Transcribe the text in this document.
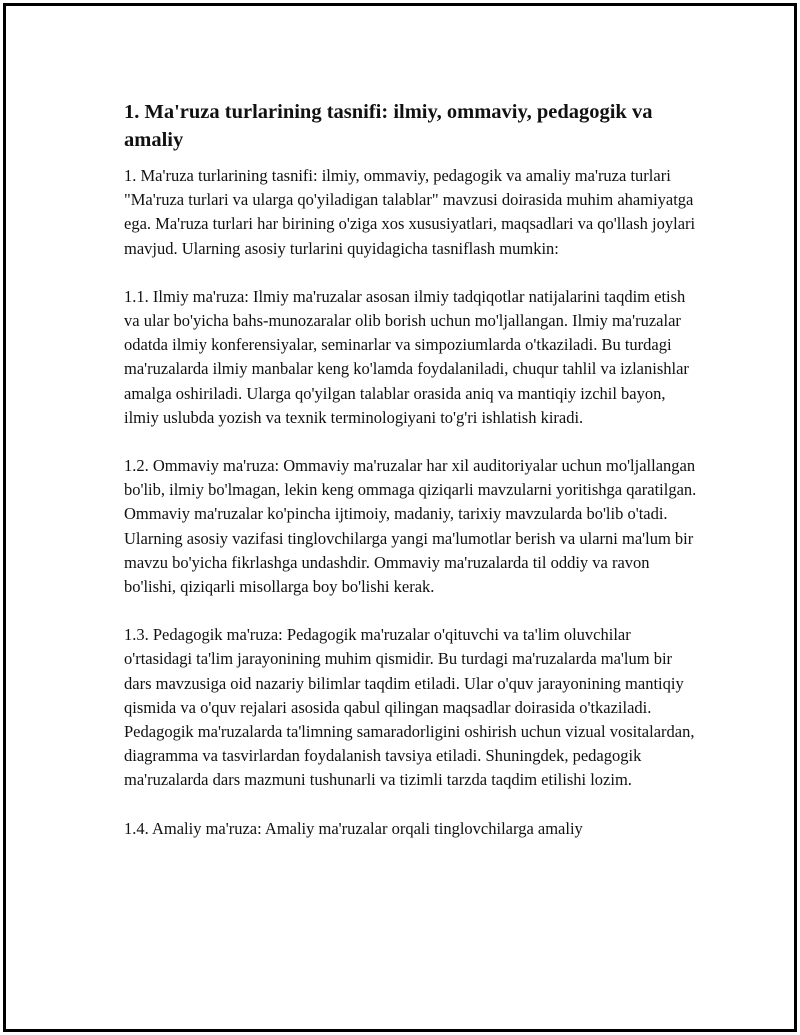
1. Ma'ruza turlarining tasnifi: ilmiy, ommaviy, pedagogik va amaliy

1. Ma'ruza turlarining tasnifi: ilmiy, ommaviy, pedagogik va amaliy ma'ruza turlari "Ma'ruza turlari va ularga qo'yiladigan talablar" mavzusi doirasida muhim ahamiyatga ega. Ma'ruza turlari har birining o'ziga xos xususiyatlari, maqsadlari va qo'llash joylari mavjud. Ularning asosiy turlarini quyidagicha tasniflash mumkin:

1.1. Ilmiy ma'ruza: Ilmiy ma'ruzalar asosan ilmiy tadqiqotlar natijalarini taqdim etish va ular bo'yicha bahs-munozaralar olib borish uchun mo'ljallangan. Ilmiy ma'ruzalar odatda ilmiy konferensiyalar, seminarlar va simpoziumlarda o'tkaziladi. Bu turdagi ma'ruzalarda ilmiy manbalar keng ko'lamda foydalaniladi, chuqur tahlil va izlanishlar amalga oshiriladi. Ularga qo'yilgan talablar orasida aniq va mantiqiy izchil bayon, ilmiy uslubda yozish va texnik terminologiyani to'g'ri ishlatish kiradi.

1.2. Ommaviy ma'ruza: Ommaviy ma'ruzalar har xil auditoriyalar uchun mo'ljallangan bo'lib, ilmiy bo'lmagan, lekin keng ommaga qiziqarli mavzularni yoritishga qaratilgan. Ommaviy ma'ruzalar ko'pincha ijtimoiy, madaniy, tarixiy mavzularda bo'lib o'tadi. Ularning asosiy vazifasi tinglovchilarga yangi ma'lumotlar berish va ularni ma'lum bir mavzu bo'yicha fikrlashga undashdir. Ommaviy ma'ruzalarda til oddiy va ravon bo'lishi, qiziqarli misollarga boy bo'lishi kerak.

1.3. Pedagogik ma'ruza: Pedagogik ma'ruzalar o'qituvchi va ta'lim oluvchilar o'rtasidagi ta'lim jarayonining muhim qismidir. Bu turdagi ma'ruzalarda ma'lum bir dars mavzusiga oid nazariy bilimlar taqdim etiladi. Ular o'quv jarayonining mantiqiy qismida va o'quv rejalari asosida qabul qilingan maqsadlar doirasida o'tkaziladi. Pedagogik ma'ruzalarda ta'limning samaradorligini oshirish uchun vizual vositalardan, diagramma va tasvirlardan foydalanish tavsiya etiladi. Shuningdek, pedagogik ma'ruzalarda dars mazmuni tushunarli va tizimli tarzda taqdim etilishi lozim.

1.4. Amaliy ma'ruza: Amaliy ma'ruzalar orqali tinglovchilarga amaliy
